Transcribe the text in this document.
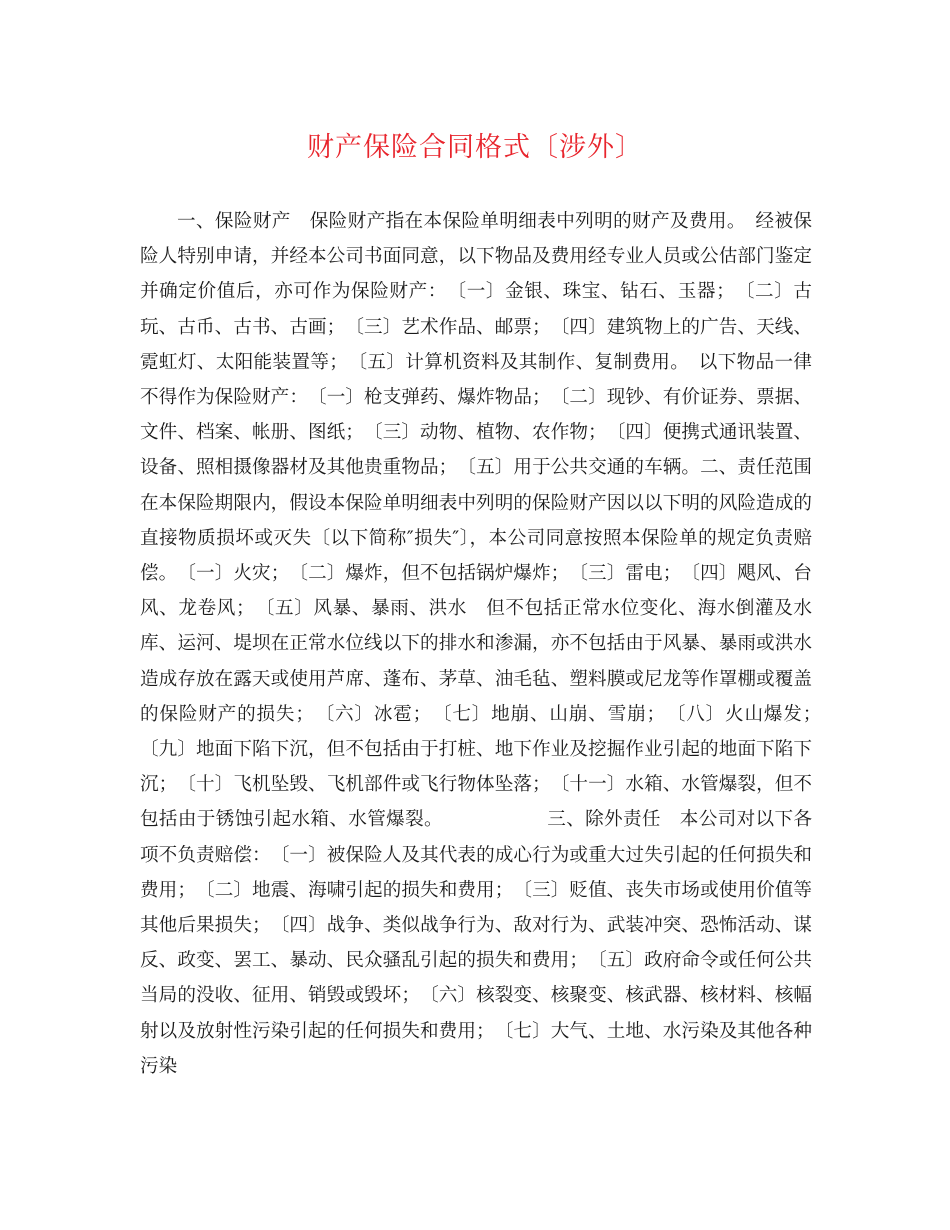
财产保险合同格式〔涉外〕

一、保险财产　保险财产指在本保险单明细表中列明的财产及费用。　经被保险人特别申请，并经本公司书面同意，以下物品及费用经专业人员或公估部门鉴定并确定价值后，亦可作为保险财产：　〔一〕金银、珠宝、钻石、玉器；　〔二〕古玩、古币、古书、古画；　〔三〕艺术作品、邮票；　〔四〕建筑物上的广告、天线、霓虹灯、太阳能装置等；　〔五〕计算机资料及其制作、复制费用。　以下物品一律不得作为保险财产：　〔一〕枪支弹药、爆炸物品；　〔二〕现钞、有价证券、票据、文件、档案、帐册、图纸；　〔三〕动物、植物、农作物；　〔四〕便携式通讯装置、设备、照相摄像器材及其他贵重物品；　〔五〕用于公共交通的车辆。二、责任范围　在本保险期限内，假设本保险单明细表中列明的保险财产因以以下明的风险造成的直接物质损坏或灭失〔以下简称″损失″〕，本公司同意按照本保险单的规定负责赔偿。　〔一〕火灾；　〔二〕爆炸，但不包括锅炉爆炸；　〔三〕雷电；　〔四〕飓风、台风、龙卷风；　〔五〕风暴、暴雨、洪水　但不包括正常水位变化、海水倒灌及水库、运河、堤坝在正常水位线以下的排水和渗漏，亦不包括由于风暴、暴雨或洪水造成存放在露天或使用芦席、蓬布、茅草、油毛毡、塑料膜或尼龙等作罩棚或覆盖的保险财产的损失；　〔六〕冰雹；　〔七〕地崩、山崩、雪崩；　〔八〕火山爆发；　〔九〕地面下陷下沉，但不包括由于打桩、地下作业及挖掘作业引起的地面下陷下沉；　〔十〕飞机坠毁、飞机部件或飞行物体坠落；　〔十一〕水箱、水管爆裂，但不包括由于锈蚀引起水箱、水管爆裂。　　　　　　三、除外责任　本公司对以下各项不负责赔偿：　〔一〕被保险人及其代表的成心行为或重大过失引起的任何损失和费用；　〔二〕地震、海啸引起的损失和费用；　〔三〕贬值、丧失市场或使用价值等其他后果损失；　〔四〕战争、类似战争行为、敌对行为、武装冲突、恐怖活动、谋反、政变、罢工、暴动、民众骚乱引起的损失和费用；　〔五〕政府命令或任何公共当局的没收、征用、销毁或毁坏；　〔六〕核裂变、核聚变、核武器、核材料、核幅射以及放射性污染引起的任何损失和费用；　〔七〕大气、土地、水污染及其他各种污染
